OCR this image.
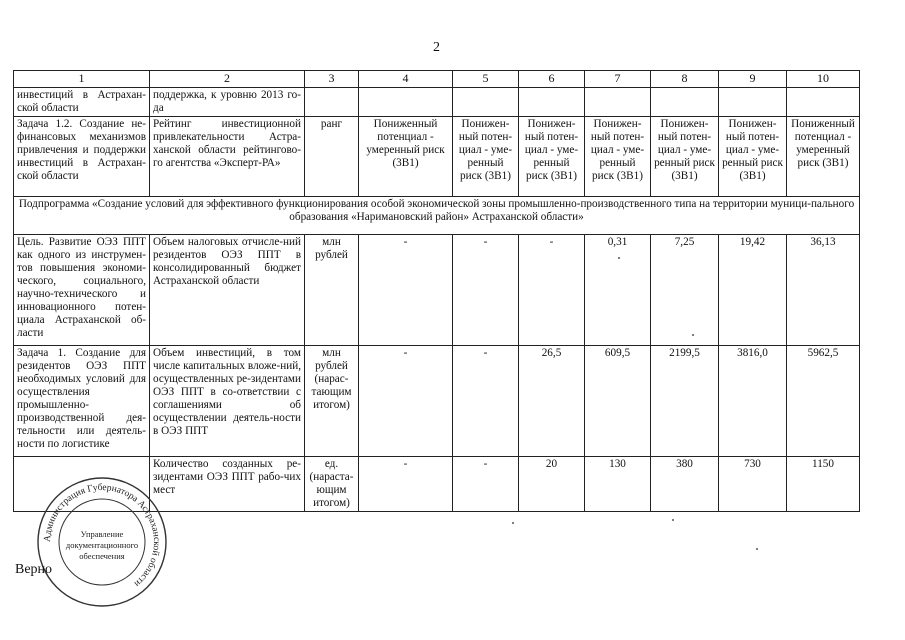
2
1	2	3	4	5	6	7	8	9	10
инвестиций в Астрахан-ской области	поддержка, к уровню 2013 го-да								
Задача 1.2. Создание не-финансовых механизмов привлечения и поддержки инвестиций в Астрахан-ской области	Рейтинг инвестиционной привлекательности Астра-ханской области рейтингово-го агентства «Эксперт-РА»	ранг	Пониженный потенциал - умеренный риск (3В1)	Понижен-ный потен-циал - уме-ренный риск (3В1)	Понижен-ный потен-циал - уме-ренный риск (3В1)	Понижен-ный потен-циал - уме-ренный риск (3В1)	Понижен-ный потен-циал - уме-ренный риск (3В1)	Понижен-ный потен-циал - уме-ренный риск (3В1)	Пониженный потенциал - умеренный риск (3В1)
Подпрограмма «Создание условий для эффективного функционирования особой экономической зоны промышленно-производственного типа на территории муници-пального образования «Наримановский район» Астраханской области»									
Цель. Развитие ОЭЗ ППТ как одного из инструмен-тов повышения экономи-ческого, социального, научно-технического и инновационного потен-циала Астраханской об-ласти	Объем налоговых отчисле-ний резидентов ОЭЗ ППТ в консолидированный бюджет Астраханской области	млн рублей	-	-	-	0,31	7,25	19,42	36,13
Задача 1. Создание для резидентов ОЭЗ ППТ необходимых условий для осуществления промышленно-производственной дея-тельности или деятель-ности по логистике	Объем инвестиций, в том числе капитальных вложе-ний, осуществленных ре-зидентами ОЭЗ ППТ в со-ответствии с соглашениями об осуществлении деятель-ности в ОЭЗ ППТ	млн рублей (нарас-тающим итогом)	-	-	26,5	609,5	2199,5	3816,0	5962,5
	Количество созданных ре-зидентами ОЭЗ ППТ рабо-чих мест	ед. (нараста-ющим итогом)	-	-	20	130	380	730	1150
Администрация Губернатора Астраханской области
Управление
документационного
обеспечения
Верно
